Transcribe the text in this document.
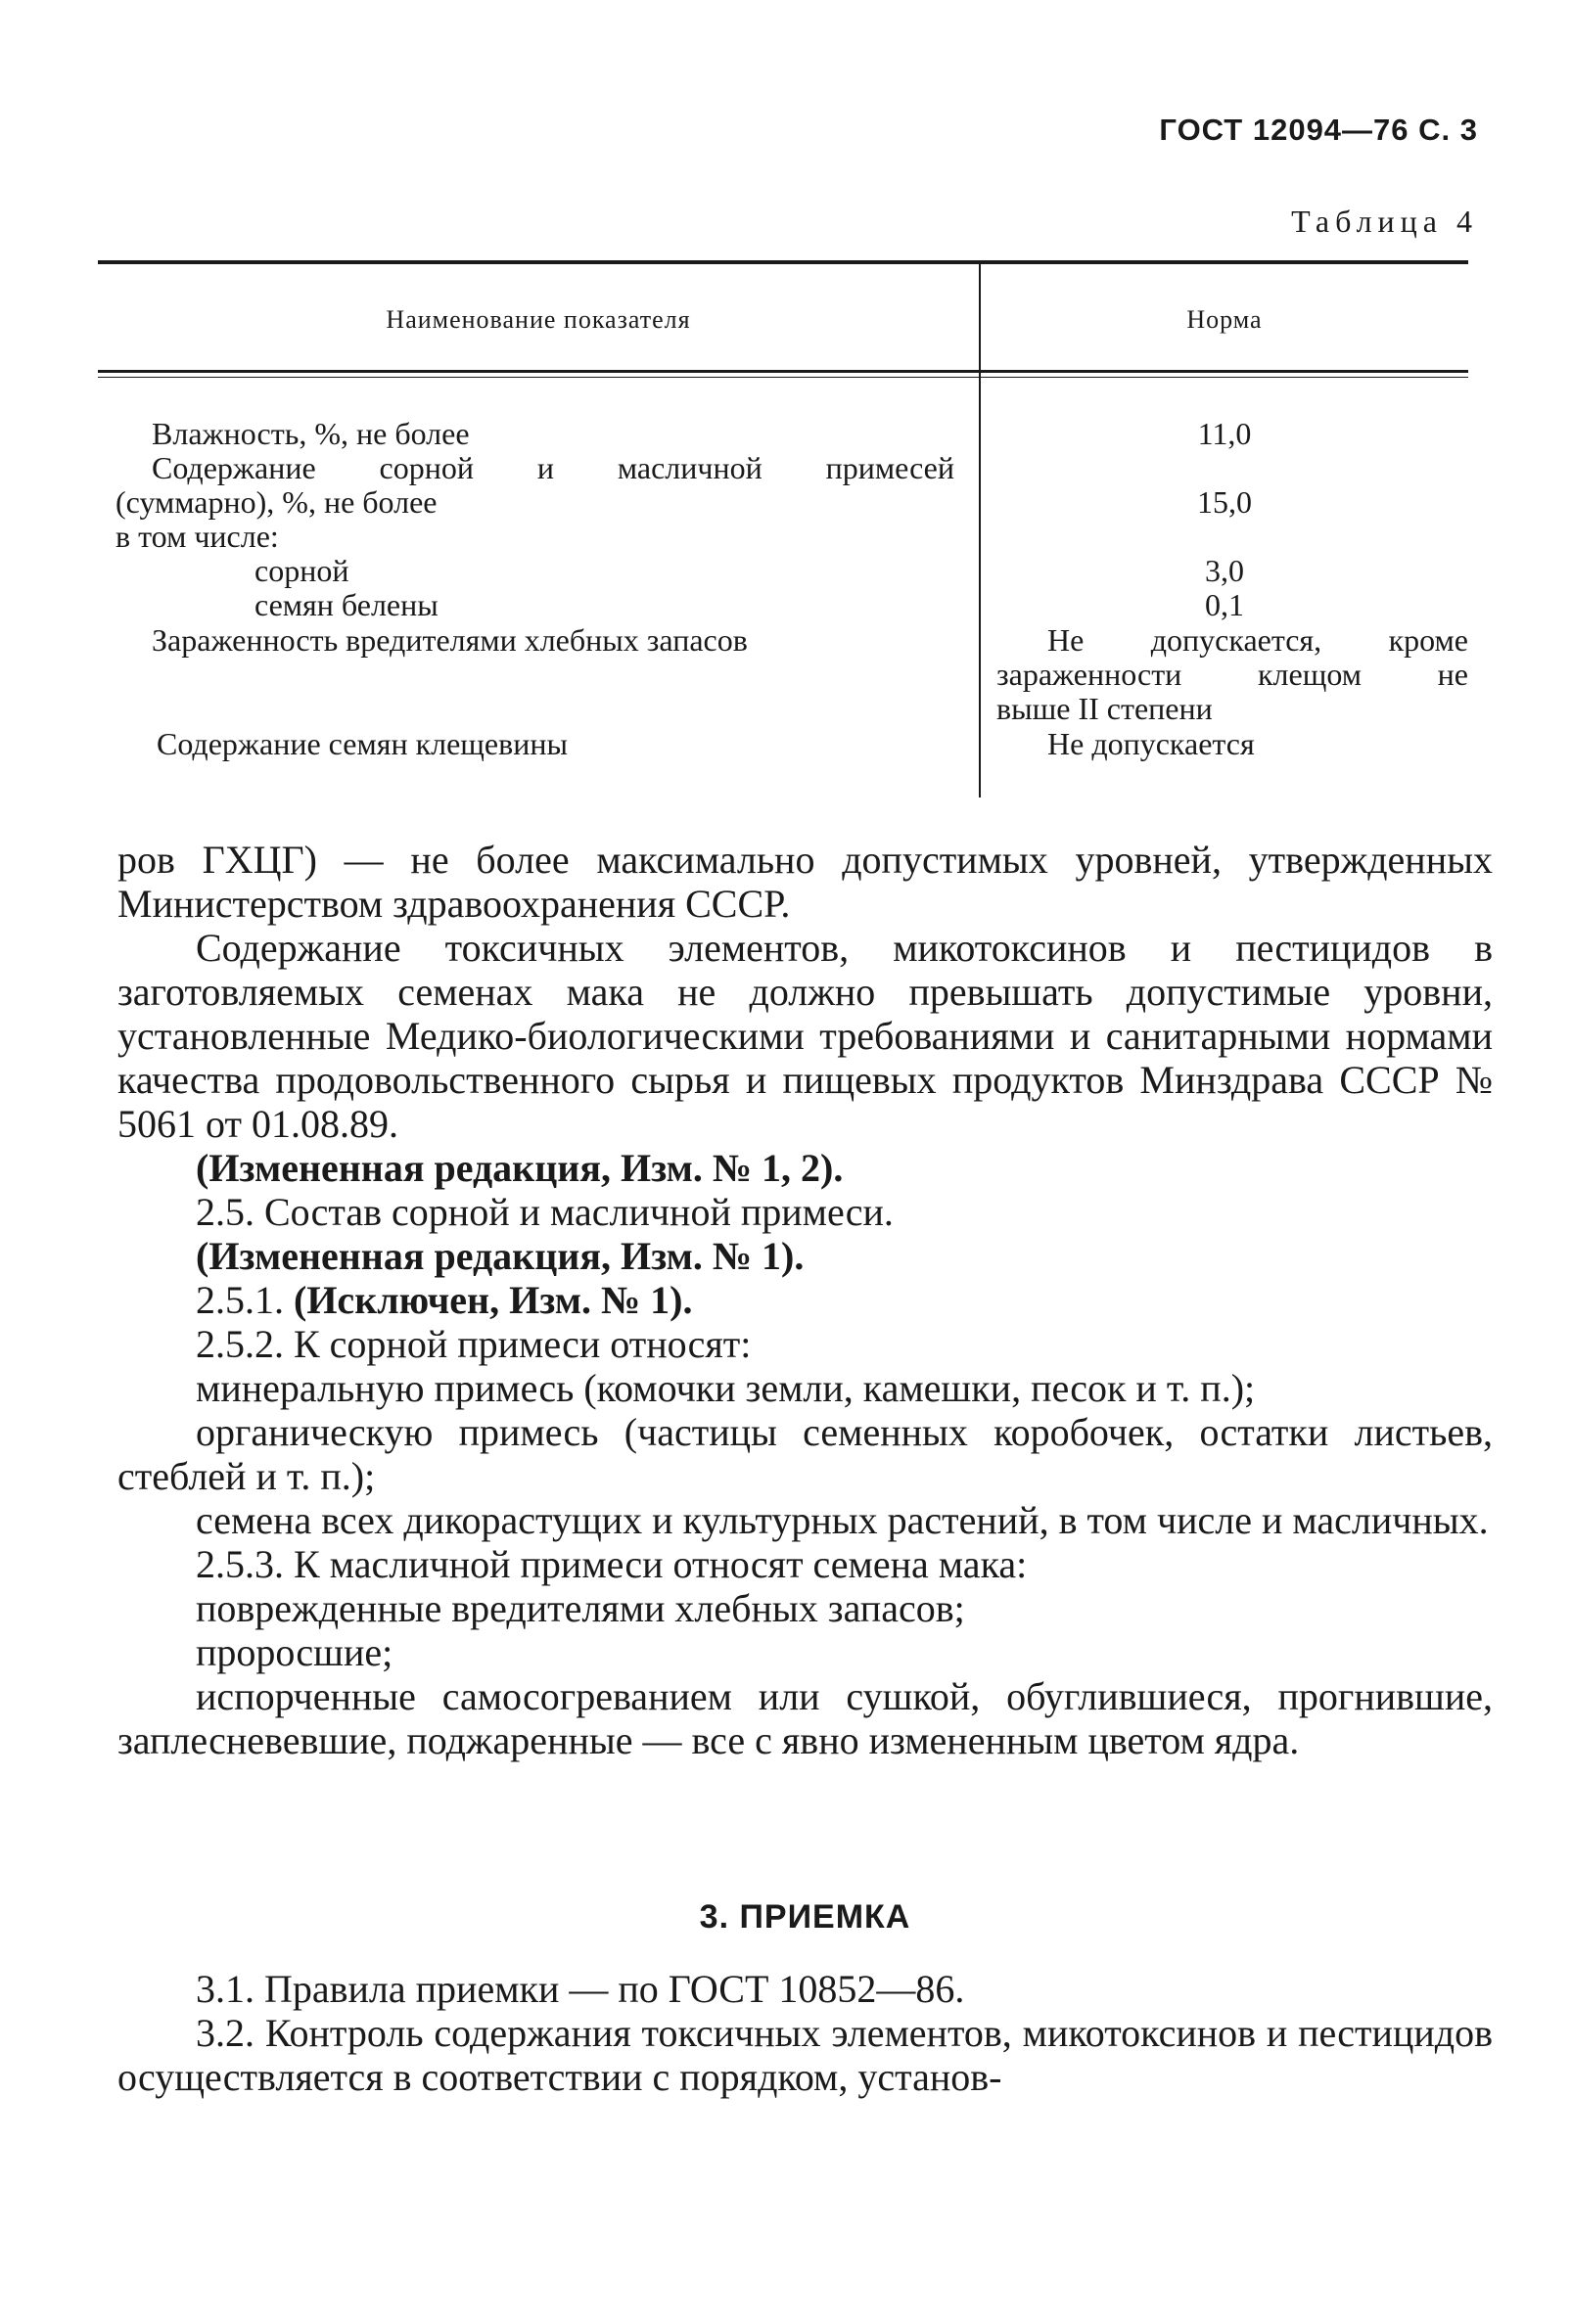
ГОСТ 12094—76 С. 3
Таблица 4
Наименование показателя	Норма
Влажность, %, не более
Содержание сорной и масличной примесей
(суммарно), %, не более
в том числе:
сорной
семян белены
Зараженность вредителями хлебных запасов
Содержание семян клещевины
11,0
15,0
3,0
0,1
Не допускается, кроме
зараженности клещом не
выше II степени
Не допускается

ров ГХЦГ) — не более максимально допустимых уровней, утвержденных Министерством здравоохранения СССР.

Содержание токсичных элементов, микотоксинов и пестицидов в заготовляемых семенах мака не должно превышать допустимые уровни, установленные Медико-биологическими требованиями и санитарными нормами качества продовольственного сырья и пищевых продуктов Минздрава СССР № 5061 от 01.08.89.

(Измененная редакция, Изм. № 1, 2).

2.5. Состав сорной и масличной примеси.

(Измененная редакция, Изм. № 1).

2.5.1. (Исключен, Изм. № 1).

2.5.2. К сорной примеси относят:

минеральную примесь (комочки земли, камешки, песок и т. п.);

органическую примесь (частицы семенных коробочек, остатки листьев, стеблей и т. п.);

семена всех дикорастущих и культурных растений, в том числе и масличных.

2.5.3. К масличной примеси относят семена мака:

поврежденные вредителями хлебных запасов;

проросшие;

испорченные самосогреванием или сушкой, обуглившиеся, прогнившие, заплесневевшие, поджаренные — все с явно измененным цветом ядра.

3. ПРИЕМКА

3.1. Правила приемки — по ГОСТ 10852—86.

3.2. Контроль содержания токсичных элементов, микотоксинов и пестицидов осуществляется в соответствии с порядком, установ-
